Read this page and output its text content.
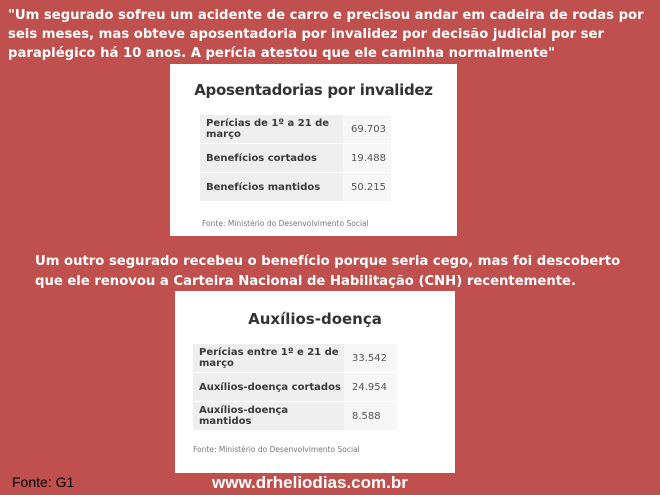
"Um segurado sofreu um acidente de carro e precisou andar em cadeira de rodas por seis meses, mas obteve aposentadoria por invalidez por decisão judicial por ser paraplégico há 10 anos. A perícia atestou que ele caminha normalmente"
Aposentadorias por invalidez
Perícias de 1º a 21 de março	69.703
Benefícios cortados	19.488
Benefícios mantidos	50.215
Fonte: Ministério do Desenvolvimento Social
Um outro segurado recebeu o benefício porque seria cego, mas foi descoberto que ele renovou a Carteira Nacional de Habilitação (CNH) recentemente.
Auxílios-doença
Perícias entre 1º e 21 de março	33.542
Auxílios-doença cortados	24.954
Auxílios-doença mantidos	8.588
Fonte: Ministério do Desenvolvimento Social
Fonte: G1	www.drheliodias.com.br
